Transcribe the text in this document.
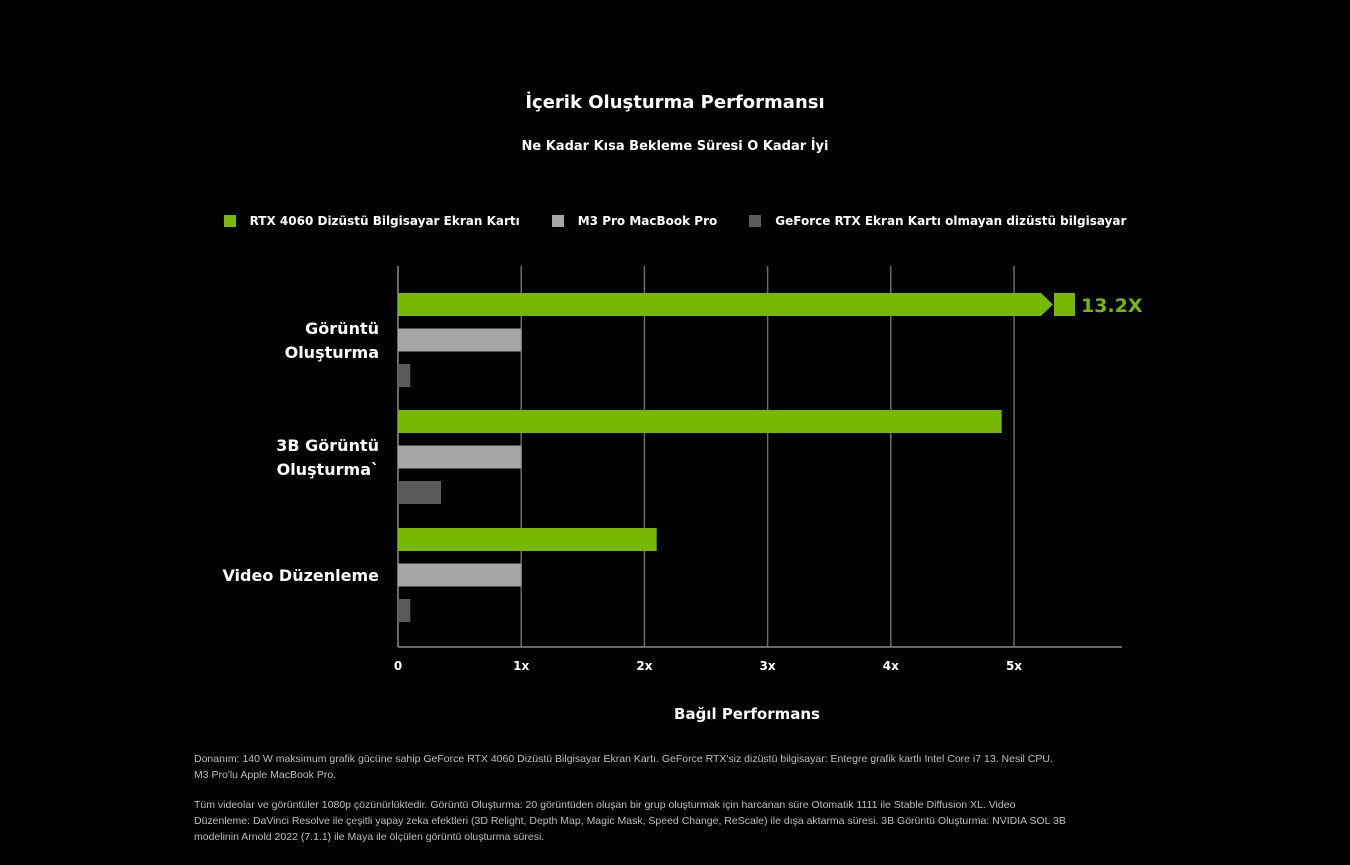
İçerik Oluşturma Performansı
Ne Kadar Kısa Bekleme Süresi O Kadar İyi
RTX 4060 Dizüstü Bilgisayar Ekran Kartı	M3 Pro MacBook Pro	GeForce RTX Ekran Kartı olmayan dizüstü bilgisayar
0	1x	2x	3x	4x	5x
13.2X
Görüntü
Oluşturma
3B Görüntü
Oluşturma`
Video Düzenleme
Bağıl Performans
Donanım: 140 W maksimum grafik gücüne sahip GeForce RTX 4060 Dizüstü Bilgisayar Ekran Kartı. GeForce RTX'siz dizüstü bilgisayar: Entegre grafik kartlı Intel Core i7 13. Nesil CPU.
M3 Pro'lu Apple MacBook Pro.
Tüm videolar ve görüntüler 1080p çözünürlüktedir. Görüntü Oluşturma: 20 görüntüden oluşan bir grup oluşturmak için harcanan süre Otomatik 1111 ile Stable Diffusion XL. Video
Düzenleme: DaVinci Resolve ile çeşitli yapay zeka efektleri (3D Relight, Depth Map, Magic Mask, Speed Change, ReScale) ile dışa aktarma süresi. 3B Görüntü Oluşturma: NVIDIA SOL 3B
modelinin Arnold 2022 (7.1.1) ile Maya ile ölçülen görüntü oluşturma süresi.
